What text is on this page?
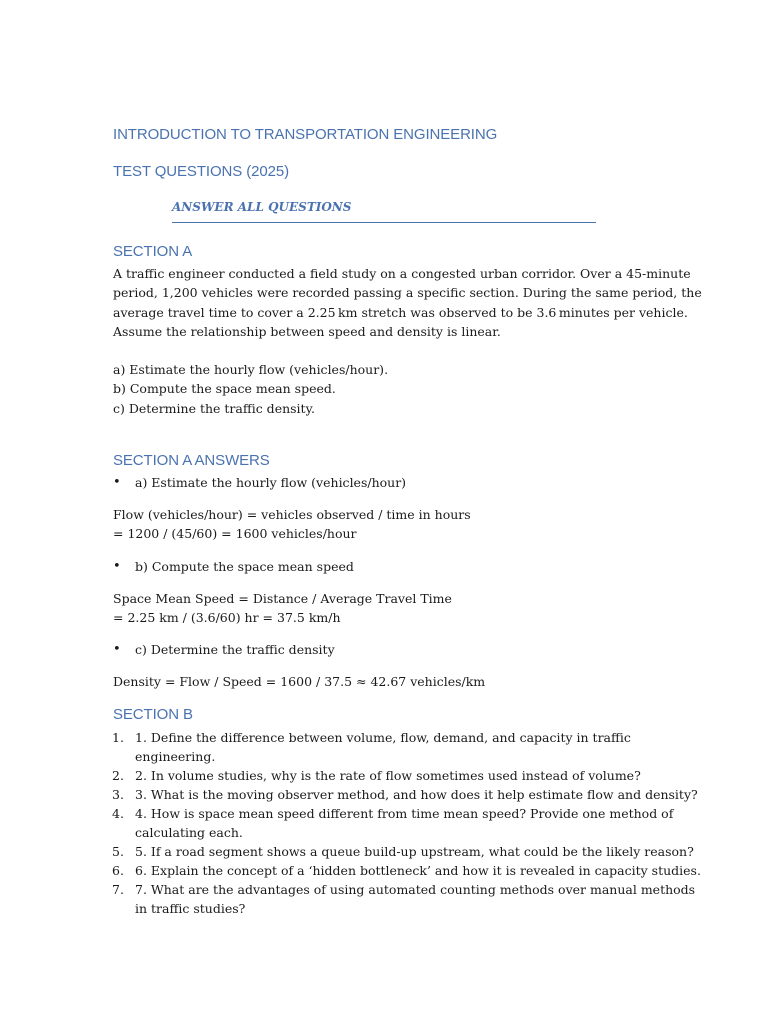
INTRODUCTION TO TRANSPORTATION ENGINEERING
TEST QUESTIONS (2025)
ANSWER ALL QUESTIONS
SECTION A
A traffic engineer conducted a field study on a congested urban corridor. Over a 45-minute
period, 1,200 vehicles were recorded passing a specific section. During the same period, the
average travel time to cover a 2.25 km stretch was observed to be 3.6 minutes per vehicle.
Assume the relationship between speed and density is linear.
a) Estimate the hourly flow (vehicles/hour).
b) Compute the space mean speed.
c) Determine the traffic density.
SECTION A ANSWERS
• a) Estimate the hourly flow (vehicles/hour)
Flow (vehicles/hour) = vehicles observed / time in hours
= 1200 / (45/60) = 1600 vehicles/hour
• b) Compute the space mean speed
Space Mean Speed = Distance / Average Travel Time
= 2.25 km / (3.6/60) hr = 37.5 km/h
• c) Determine the traffic density
Density = Flow / Speed = 1600 / 37.5 ≈ 42.67 vehicles/km
SECTION B
1. 1. Define the difference between volume, flow, demand, and capacity in traffic
engineering.
2. 2. In volume studies, why is the rate of flow sometimes used instead of volume?
3. 3. What is the moving observer method, and how does it help estimate flow and density?
4. 4. How is space mean speed different from time mean speed? Provide one method of
calculating each.
5. 5. If a road segment shows a queue build-up upstream, what could be the likely reason?
6. 6. Explain the concept of a ‘hidden bottleneck’ and how it is revealed in capacity studies.
7. 7. What are the advantages of using automated counting methods over manual methods
in traffic studies?
